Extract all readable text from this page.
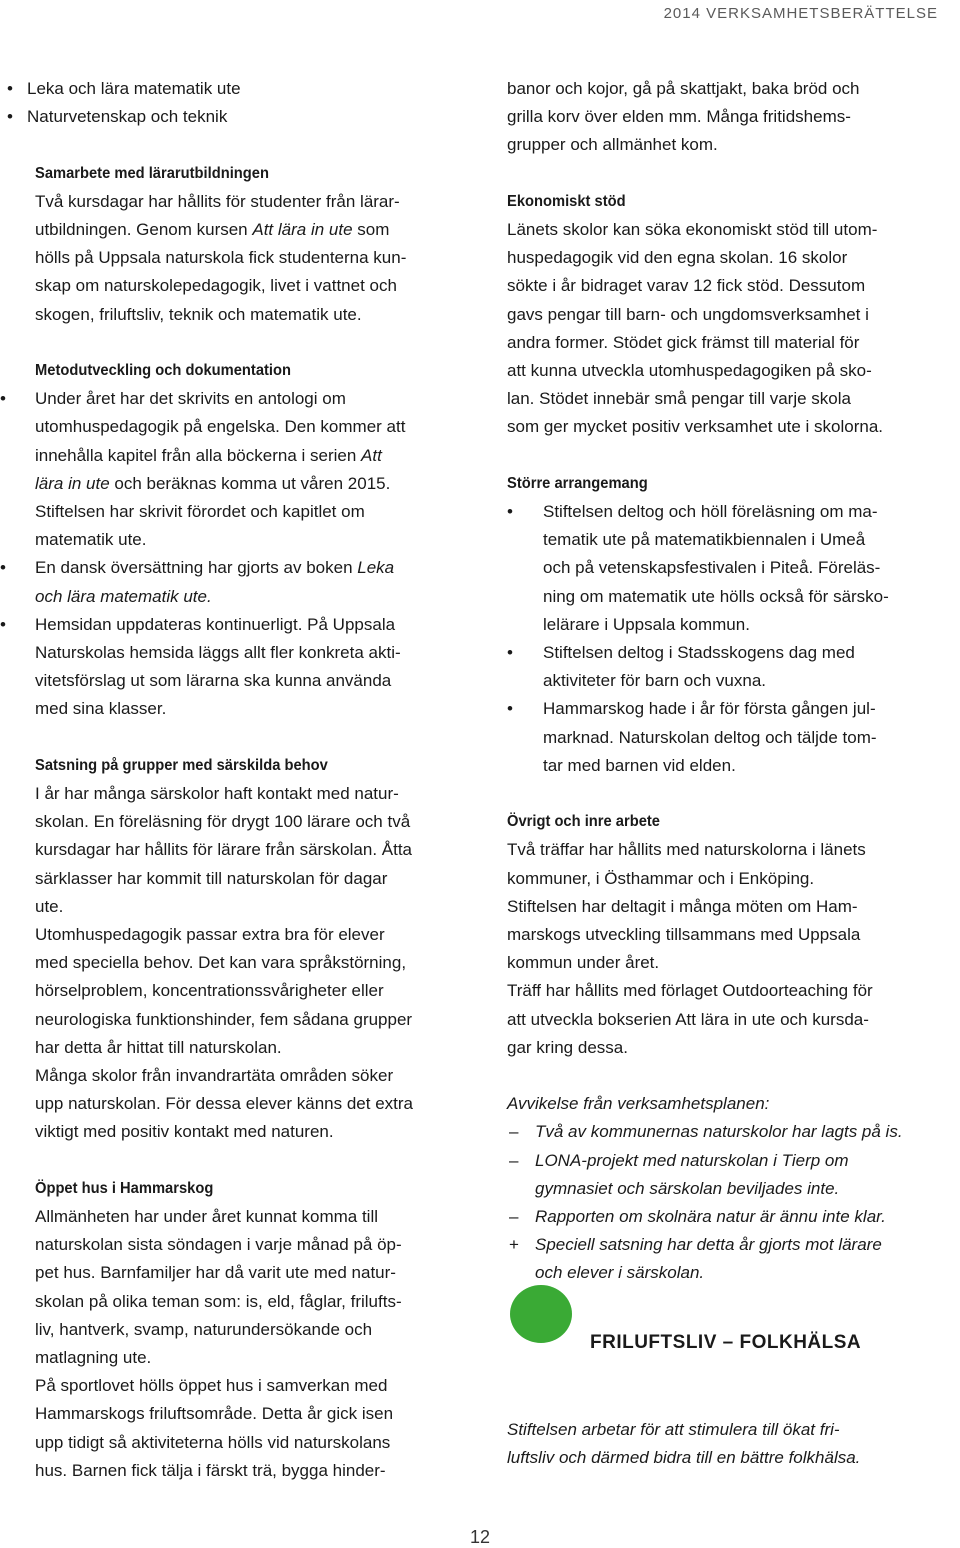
2014 VERKSAMHETSBERÄTTELSE
• Leka och lära matematik ute
• Naturvetenskap och teknik

Samarbete med lärarutbildningen

Två kursdagar har hållits för studenter från lärar-

utbildningen. Genom kursen Att lära in ute som

hölls på Uppsala naturskola fick studenterna kun-

skap om naturskolepedagogik, livet i vattnet och

skogen, friluftsliv, teknik och matematik ute.

Metodutveckling och dokumentation

•	Under året har det skrivits en antologi om

utomhuspedagogik på engelska. Den kommer att

innehålla kapitel från alla böckerna i serien Att

lära in ute och beräknas komma ut våren 2015.

Stiftelsen har skrivit förordet och kapitlet om

matematik ute.

•	En dansk översättning har gjorts av boken Leka

och lära matematik ute.

•	Hemsidan uppdateras kontinuerligt. På Uppsala

Naturskolas hemsida läggs allt fler konkreta akti-

vitetsförslag ut som lärarna ska kunna använda

med sina klasser.

Satsning på grupper med särskilda behov

I år har många särskolor haft kontakt med natur-

skolan. En föreläsning för drygt 100 lärare och två

kursdagar har hållits för lärare från särskolan. Åtta

särklasser har kommit till naturskolan för dagar

ute.

Utomhuspedagogik passar extra bra för elever

med speciella behov. Det kan vara språkstörning,

hörselproblem, koncentrationssvårigheter eller

neurologiska funktionshinder, fem sådana grupper

har detta år hittat till naturskolan.

Många skolor från invandrartäta områden söker

upp naturskolan. För dessa elever känns det extra

viktigt med positiv kontakt med naturen.

Öppet hus i Hammarskog

Allmänheten har under året kunnat komma till

naturskolan sista söndagen i varje månad på öp-

pet hus. Barnfamiljer har då varit ute med natur-

skolan på olika teman som: is, eld, fåglar, frilufts-

liv, hantverk, svamp, naturundersökande och

matlagning ute.

På sportlovet hölls öppet hus i samverkan med

Hammarskogs friluftsområde. Detta år gick isen

upp tidigt så aktiviteterna hölls vid naturskolans

hus. Barnen fick tälja i färskt trä, bygga hinder-

banor och kojor, gå på skattjakt, baka bröd och

grilla korv över elden mm. Många fritidshems-

grupper och allmänhet kom.

Ekonomiskt stöd

Länets skolor kan söka ekonomiskt stöd till utom-

huspedagogik vid den egna skolan. 16 skolor

sökte i år bidraget varav 12 fick stöd. Dessutom

gavs pengar till barn- och ungdomsverksamhet i

andra former. Stödet gick främst till material för

att kunna utveckla utomhuspedagogiken på sko-

lan. Stödet innebär små pengar till varje skola

som ger mycket positiv verksamhet ute i skolorna.

Större arrangemang

• Stiftelsen deltog och höll föreläsning om ma-

tematik ute på matematikbiennalen i Umeå

och på vetenskapsfestivalen i Piteå. Föreläs-

ning om matematik ute hölls också för särsko-

lelärare i Uppsala kommun.

• Stiftelsen deltog i Stadsskogens dag med

aktiviteter för barn och vuxna.

• Hammarskog hade i år för första gången jul-

marknad. Naturskolan deltog och täljde tom-

tar med barnen vid elden.

Övrigt och inre arbete

Två träffar har hållits med naturskolorna i länets

kommuner, i Östhammar och i Enköping.

Stiftelsen har deltagit i många möten om Ham-

marskogs utveckling tillsammans med Uppsala

kommun under året.

Träff har hållits med förlaget Outdoorteaching för

att utveckla bokserien Att lära in ute och kursda-

gar kring dessa.

Avvikelse från verksamhetsplanen:

– Två av kommunernas naturskolor har lagts på is.

– LONA-projekt med naturskolan i Tierp om

gymnasiet och särskolan beviljades inte.

– Rapporten om skolnära natur är ännu inte klar.

+ Speciell satsning har detta år gjorts mot lärare

och elever i särskolan.

FRILUFTSLIV – FOLKHÄLSA

Stiftelsen arbetar för att stimulera till ökat fri-

luftsliv och därmed bidra till en bättre folkhälsa.

12
